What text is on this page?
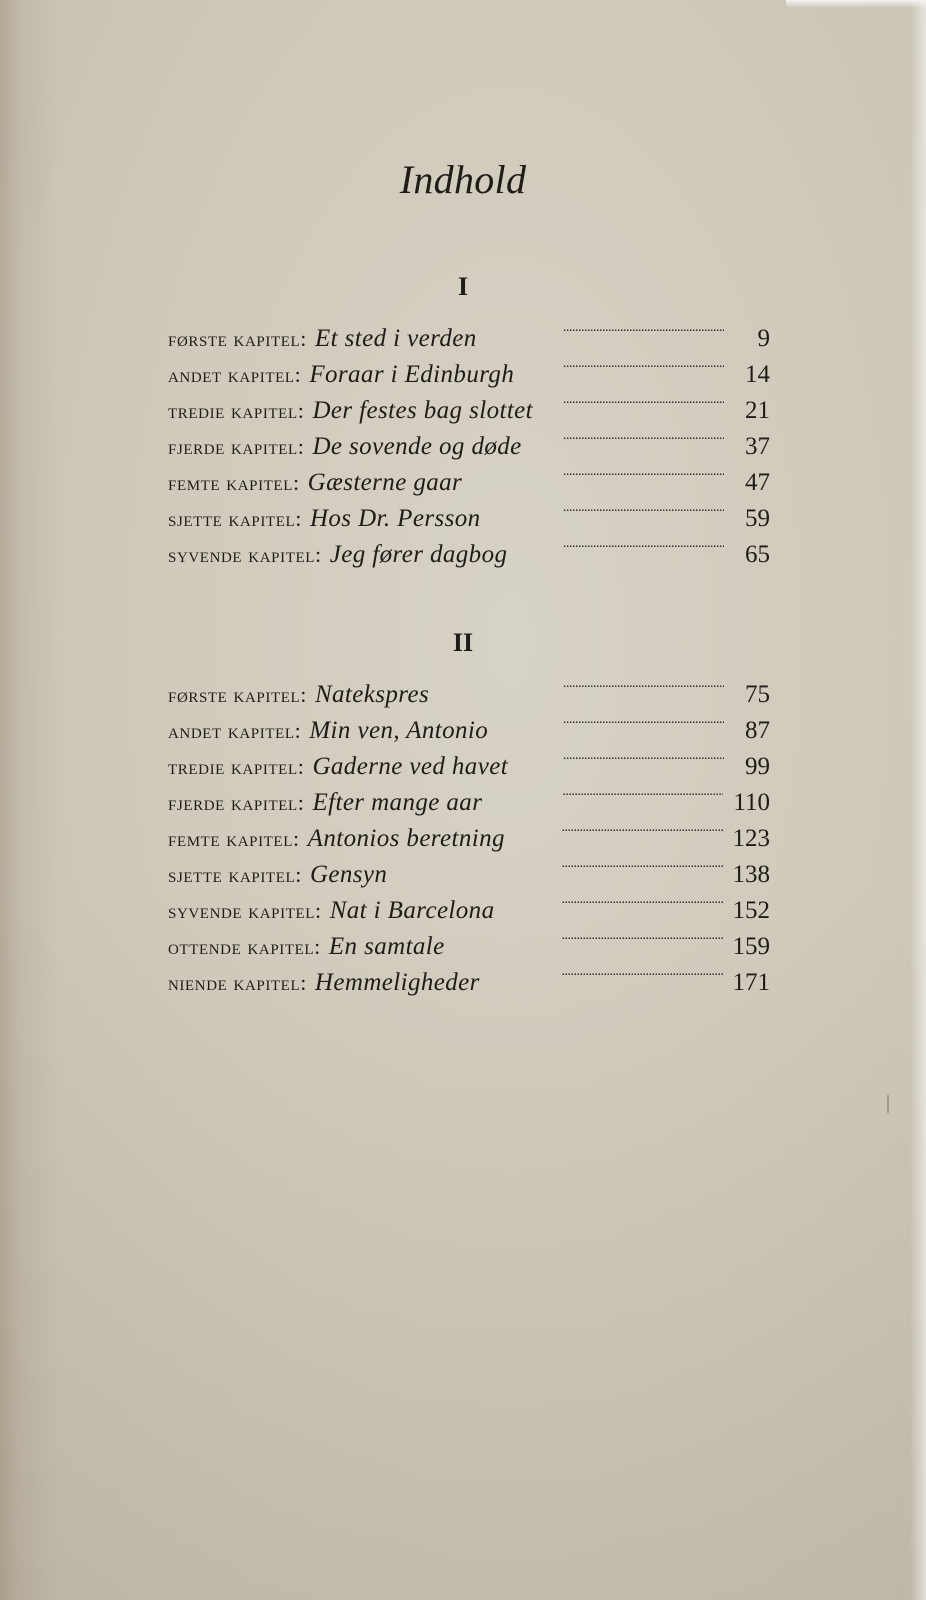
Indhold
I
første kapitel: Et sted i verden . . .	9
andet kapitel: Foraar i Edinburgh . . .	14
tredie kapitel: Der festes bag slottet . . .	21
fjerde kapitel: De sovende og døde . . .	37
femte kapitel: Gæsterne gaar . . .	47
sjette kapitel: Hos Dr. Persson . . .	59
syvende kapitel: Jeg fører dagbog . . .	65
II
første kapitel: Natekspres . . .	75
andet kapitel: Min ven, Antonio . . .	87
tredie kapitel: Gaderne ved havet . . .	99
fjerde kapitel: Efter mange aar . . .	110
femte kapitel: Antonios beretning . . .	123
sjette kapitel: Gensyn . . .	138
syvende kapitel: Nat i Barcelona . . .	152
ottende kapitel: En samtale . . .	159
niende kapitel: Hemmeligheder . . .	171
